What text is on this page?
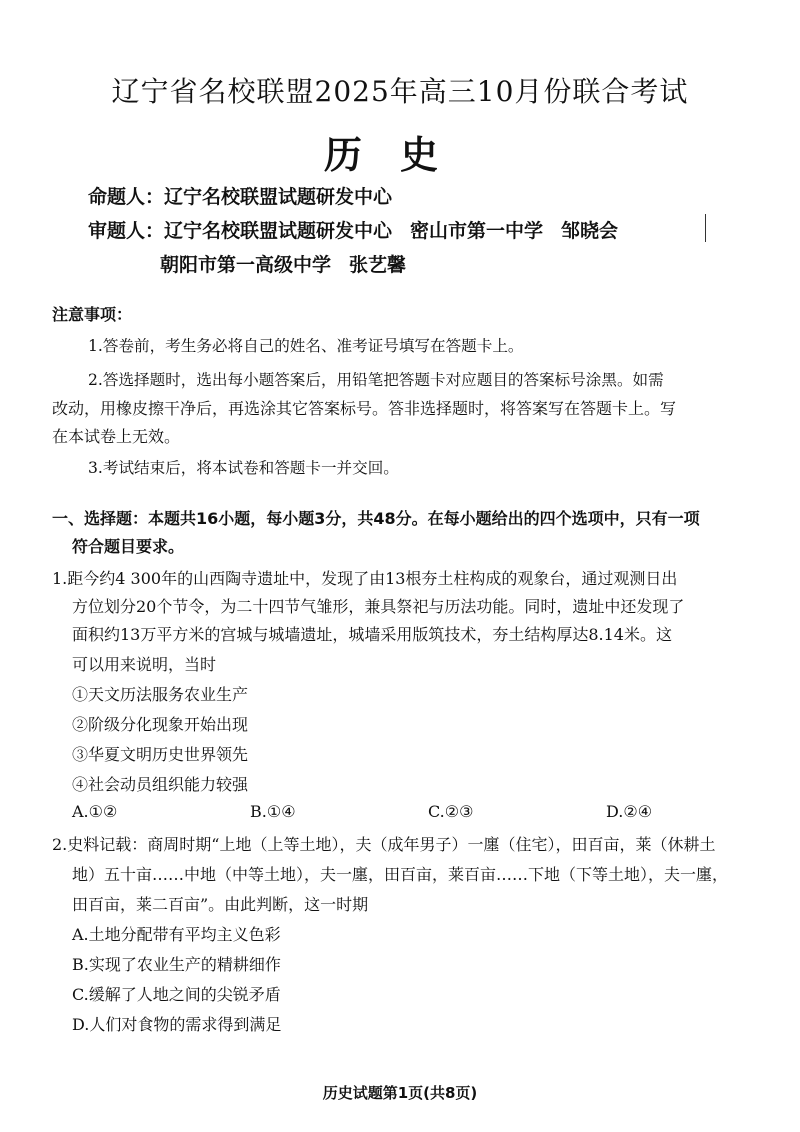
辽宁省名校联盟2025年高三10月份联合考试
历史
命题人：辽宁名校联盟试题研发中心
审题人：辽宁名校联盟试题研发中心 密山市第一中学 邹晓会
朝阳市第一高级中学 张艺馨
注意事项：
1.答卷前，考生务必将自己的姓名、准考证号填写在答题卡上。
2.答选择题时，选出每小题答案后，用铅笔把答题卡对应题目的答案标号涂黑。如需
改动，用橡皮擦干净后，再选涂其它答案标号。答非选择题时，将答案写在答题卡上。写
在本试卷上无效。
3.考试结束后，将本试卷和答题卡一并交回。
一、选择题：本题共16小题，每小题3分，共48分。在每小题给出的四个选项中，只有一项
符合题目要求。
1.距今约4 300年的山西陶寺遗址中，发现了由13根夯土柱构成的观象台，通过观测日出
方位划分20个节令，为二十四节气雏形，兼具祭祀与历法功能。同时，遗址中还发现了
面积约13万平方米的宫城与城墙遗址，城墙采用版筑技术，夯土结构厚达8.14米。这
可以用来说明，当时
①天文历法服务农业生产
②阶级分化现象开始出现
③华夏文明历史世界领先
④社会动员组织能力较强
A.①②	B.①④	C.②③	D.②④
2.史料记载：商周时期“上地（上等土地），夫（成年男子）一廛（住宅），田百亩，莱（休耕土
地）五十亩……中地（中等土地），夫一廛，田百亩，莱百亩……下地（下等土地），夫一廛，
田百亩，莱二百亩”。由此判断，这一时期
A.土地分配带有平均主义色彩
B.实现了农业生产的精耕细作
C.缓解了人地之间的尖锐矛盾
D.人们对食物的需求得到满足
历史试题第1页(共8页)
